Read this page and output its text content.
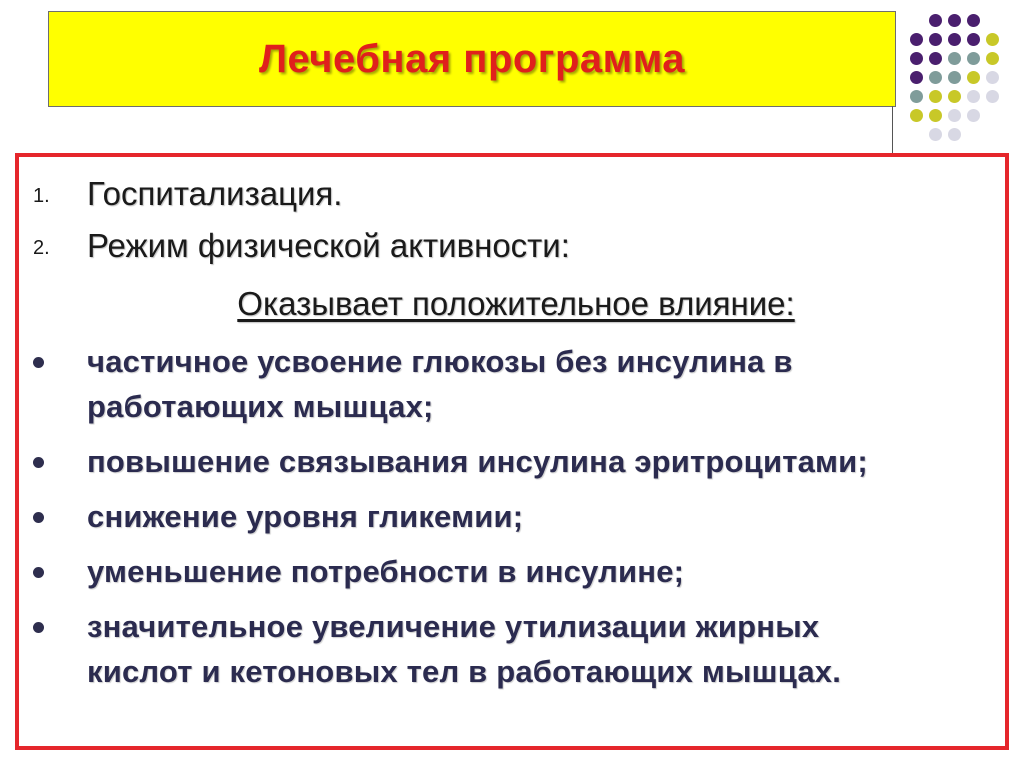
Лечебная программа
1. Госпитализация.
2. Режим физической активности:
Оказывает положительное влияние:
частичное усвоение глюкозы без инсулина в
работающих мышцах;
повышение связывания инсулина эритроцитами;
снижение уровня гликемии;
уменьшение потребности в инсулине;
значительное увеличение утилизации жирных
кислот и кетоновых тел в работающих мышцах.
